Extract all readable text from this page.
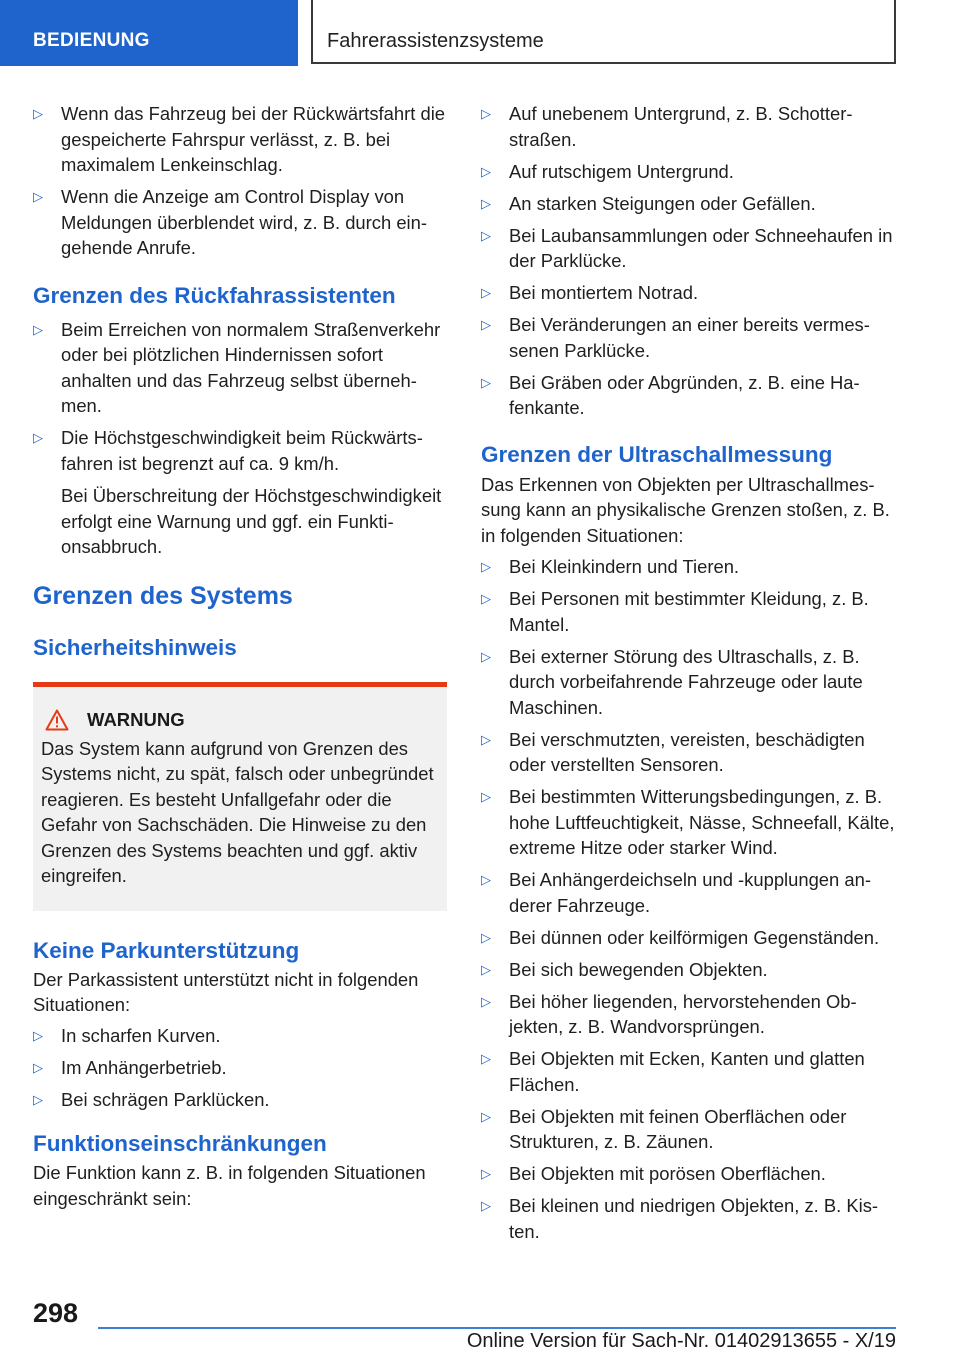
BEDIENUNG	Fahrerassistenzsysteme
▷ Wenn das Fahrzeug bei der Rückwärtsfahrt die gespeicherte Fahrspur verlässt, z. B. bei maximalem Lenkeinschlag.
▷ Wenn die Anzeige am Control Display von Meldungen überblendet wird, z. B. durch eingehende Anrufe.
Grenzen des Rückfahrassistenten
▷ Beim Erreichen von normalem Straßenverkehr oder bei plötzlichen Hindernissen sofort anhalten und das Fahrzeug selbst übernehmen.
▷ Die Höchstgeschwindigkeit beim Rückwärtsfahren ist begrenzt auf ca. 9 km/h.
Bei Überschreitung der Höchstgeschwindigkeit erfolgt eine Warnung und ggf. ein Funktionsabbruch.
Grenzen des Systems
Sicherheitshinweis
WARNUNG
Das System kann aufgrund von Grenzen des Systems nicht, zu spät, falsch oder unbegründet reagieren. Es besteht Unfallgefahr oder die Gefahr von Sachschäden. Die Hinweise zu den Grenzen des Systems beachten und ggf. aktiv eingreifen.
Keine Parkunterstützung

Der Parkassistent unterstützt nicht in folgenden Situationen:

▷ In scharfen Kurven.
▷ Im Anhängerbetrieb.
▷ Bei schrägen Parklücken.
Funktionseinschränkungen

Die Funktion kann z. B. in folgenden Situationen eingeschränkt sein:

▷ Auf unebenem Untergrund, z. B. Schotterstraßen.
▷ Auf rutschigem Untergrund.
▷ An starken Steigungen oder Gefällen.
▷ Bei Laubansammlungen oder Schneehaufen in der Parklücke.
▷ Bei montiertem Notrad.
▷ Bei Veränderungen an einer bereits vermessenen Parklücke.
▷ Bei Gräben oder Abgründen, z. B. eine Hafenkante.
Grenzen der Ultraschallmessung

Das Erkennen von Objekten per Ultraschallmessung kann an physikalische Grenzen stoßen, z. B. in folgenden Situationen:

▷ Bei Kleinkindern und Tieren.
▷ Bei Personen mit bestimmter Kleidung, z. B. Mantel.
▷ Bei externer Störung des Ultraschalls, z. B. durch vorbeifahrende Fahrzeuge oder laute Maschinen.
▷ Bei verschmutzten, vereisten, beschädigten oder verstellten Sensoren.
▷ Bei bestimmten Witterungsbedingungen, z. B. hohe Luftfeuchtigkeit, Nässe, Schneefall, Kälte, extreme Hitze oder starker Wind.
▷ Bei Anhängerdeichseln und -kupplungen anderer Fahrzeuge.
▷ Bei dünnen oder keilförmigen Gegenständen.
▷ Bei sich bewegenden Objekten.
▷ Bei höher liegenden, hervorstehenden Objekten, z. B. Wandvorsprüngen.
▷ Bei Objekten mit Ecken, Kanten und glatten Flächen.
▷ Bei Objekten mit feinen Oberflächen oder Strukturen, z. B. Zäunen.
▷ Bei Objekten mit porösen Oberflächen.
▷ Bei kleinen und niedrigen Objekten, z. B. Kisten.
298
Online Version für Sach-Nr. 01402913655 - X/19
